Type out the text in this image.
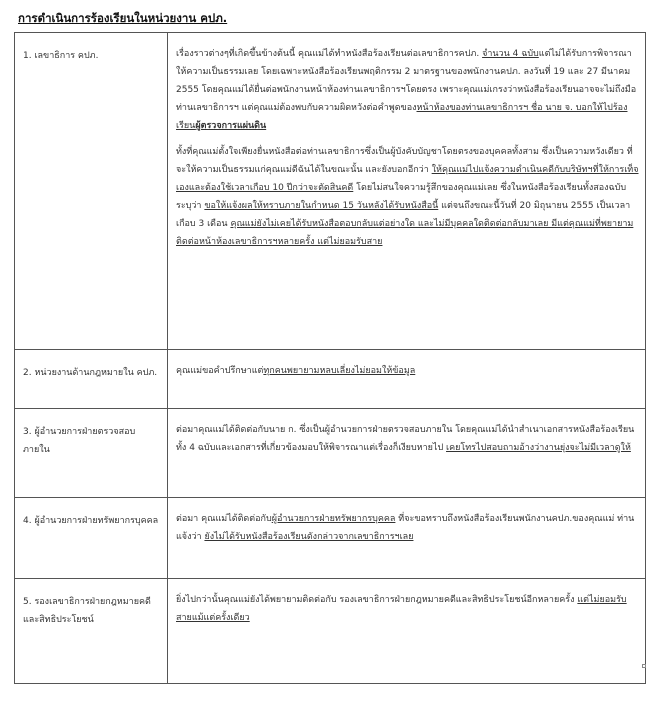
การดำเนินการร้องเรียนในหน่วยงาน คปภ.
1. เลขาธิการ คปภ.	เรื่องราวต่างๆที่เกิดขึ้นข้างต้นนี้ คุณแม่ได้ทำหนังสือร้องเรียนต่อเลขาธิการคปภ. จำนวน 4 ฉบับแต่ไม่ได้รับการพิจารณาให้ความเป็นธรรมเลย โดยเฉพาะหนังสือร้องเรียนพฤติกรรม 2 มาตรฐานของพนักงานคปภ. ลงวันที่ 19 และ 27 มีนาคม 2555 โดยคุณแม่ได้ยื่นต่อพนักงานหน้าห้องท่านเลขาธิการฯโดยตรง เพราะคุณแม่เกรงว่าหนังสือร้องเรียนอาจจะไม่ถึงมือท่านเลขาธิการฯ แต่คุณแม่ต้องพบกับความผิดหวังต่อคำพูดของหน้าห้องของท่านเลขาธิการฯ ชื่อ นาย จ. บอกให้ไปร้องเรียนผู้ตรวจการแผ่นดิน

ทั้งที่คุณแม่ตั้งใจเพียงยื่นหนังสือต่อท่านเลขาธิการซึ่งเป็นผู้บังคับบัญชาโดยตรงของบุคคลทั้งสาม ซึ่งเป็นความหวังเดียว ที่จะให้ความเป็นธรรมแก่คุณแม่ดีฉันได้ในขณะนั้น และยังบอกอีกว่า ให้คุณแม่ไปแจ้งความดำเนินคดีกับบริษัทฯที่ให้การเท็จเองและต้องใช้เวลาเกือบ 10 ปีกว่าจะตัดสินคดี โดยไม่สนใจความรู้สึกของคุณแม่เลย ซึ่งในหนังสือร้องเรียนทั้งสองฉบับระบุว่า ขอให้แจ้งผลให้ทราบภายในกำหนด 15 วันหลังได้รับหนังสือนี้ แต่จนถึงขณะนี้วันที่ 20 มิถุนายน 2555 เป็นเวลาเกือบ 3 เดือน คุณแม่ยังไม่เคยได้รับหนังสือตอบกลับแต่อย่างใด และไม่มีบุคคลใดติดต่อกลับมาเลย มีแต่คุณแม่ที่พยายามติดต่อหน้าห้องเลขาธิการฯหลายครั้ง แต่ไม่ยอมรับสาย

2. หน่วยงานด้านกฎหมายใน คปภ.	คุณแม่ขอคำปรึกษาแต่ทุกคนพยายามหลบเลี่ยงไม่ยอมให้ข้อมูล

3. ผู้อำนวยการฝ่ายตรวจสอบภายใน	ต่อมาคุณแม่ได้ติดต่อกับนาย ก. ซึ่งเป็นผู้อำนวยการฝ่ายตรวจสอบภายใน โดยคุณแม่ได้นำสำเนาเอกสารหนังสือร้องเรียนทั้ง 4 ฉบับและเอกสารที่เกี่ยวข้องมอบให้พิจารณาแต่เรื่องก็เงียบหายไป เคยโทรไปสอบถามอ้างว่างานยุ่งจะไม่มีเวลาดูให้

4. ผู้อำนวยการฝ่ายทรัพยากรบุคคล	ต่อมา คุณแม่ได้ติดต่อกับผู้อำนวยการฝ่ายทรัพยากรบุคคล ที่จะขอทราบถึงหนังสือร้องเรียนพนักงานคปภ.ของคุณแม่ ท่านแจ้งว่า ยังไม่ได้รับหนังสือร้องเรียนดังกล่าวจากเลขาธิการฯเลย

5. รองเลขาธิการฝ่ายกฎหมายคดีและสิทธิประโยชน์	ยิ่งไปกว่านั้นคุณแม่ยังได้พยายามติดต่อกับ รองเลขาธิการฝ่ายกฎหมายคดีและสิทธิประโยชน์อีกหลายครั้ง แต่ไม่ยอมรับสายแม้แต่ครั้งเดียว
